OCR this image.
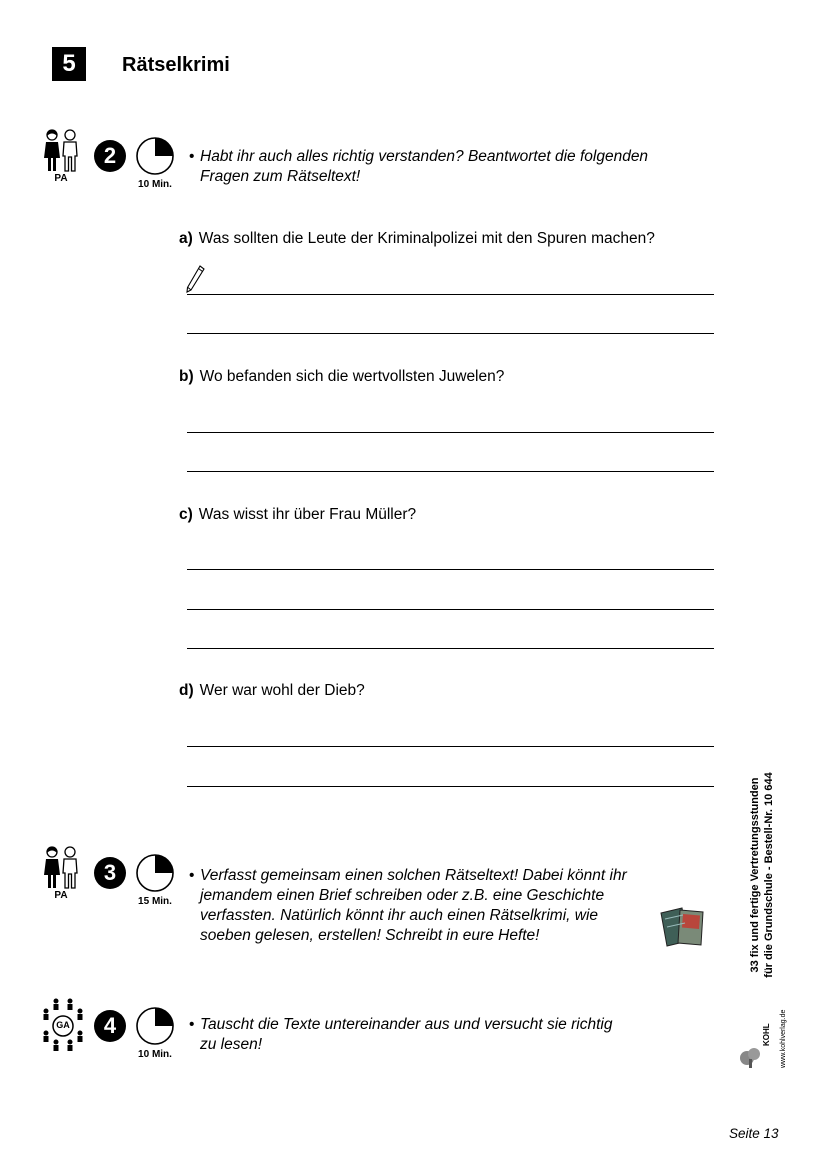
5	Rätselkrimi
PA
2
10 Min.
• Habt ihr auch alles richtig verstanden? Beantwortet die folgenden
Fragen zum Rätseltext!
a) Was sollten die Leute der Kriminalpolizei mit den Spuren machen?
b) Wo befanden sich die wertvollsten Juwelen?
c) Was wisst ihr über Frau Müller?
d) Wer war wohl der Dieb?
PA
3
15 Min.
• Verfasst gemeinsam einen solchen Rätseltext! Dabei könnt ihr
jemandem einen Brief schreiben oder z.B. eine Geschichte
verfassten. Natürlich könnt ihr auch einen Rätselkrimi, wie
soeben gelesen, erstellen! Schreibt in eure Hefte!
GA	4
10 Min.
• Tauscht die Texte untereinander aus und versucht sie richtig
zu lesen!
33 fix und fertige Vertretungsstunden für die Grundschule - Bestell-Nr. 10 644
KOHL www.kohlverlag.de
Seite 13
